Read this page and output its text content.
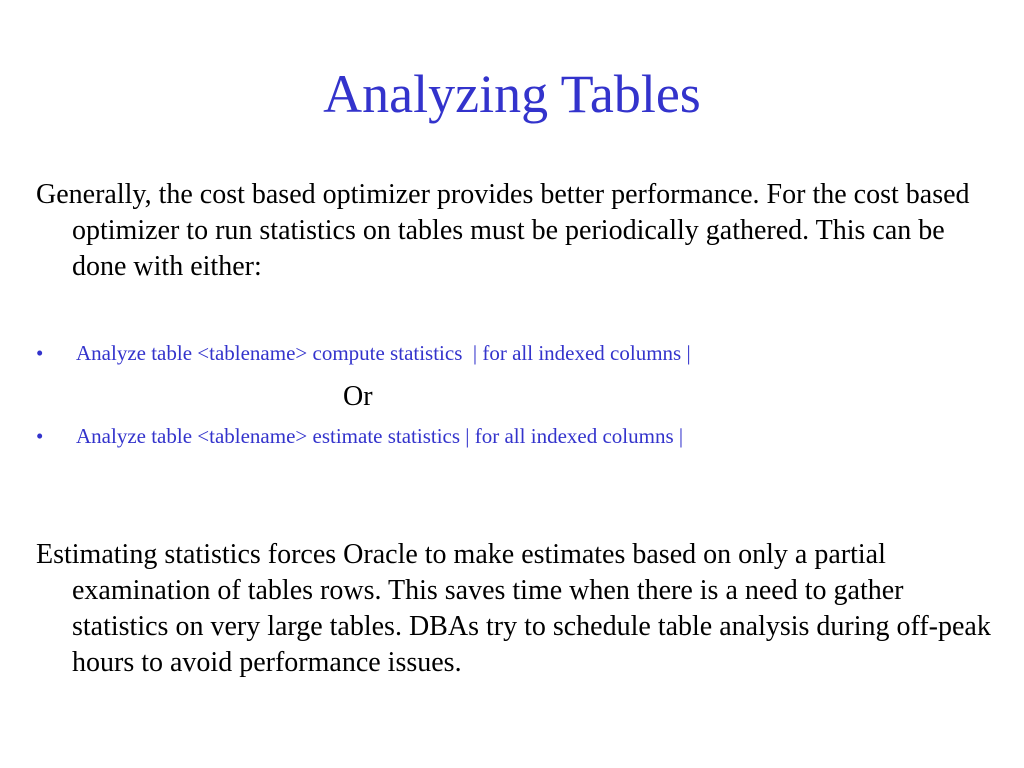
Analyzing Tables
Generally, the cost based optimizer provides better performance. For the cost based optimizer to run statistics on tables must be periodically gathered. This can be done with either:
•	Analyze table <tablename> compute statistics  | for all indexed columns |
Or
•	Analyze table <tablename> estimate statistics | for all indexed columns |
Estimating statistics forces Oracle to make estimates based on only a partial examination of tables rows. This saves time when there is a need to gather statistics on very large tables. DBAs try to schedule table analysis during off-peak hours to avoid performance issues.
